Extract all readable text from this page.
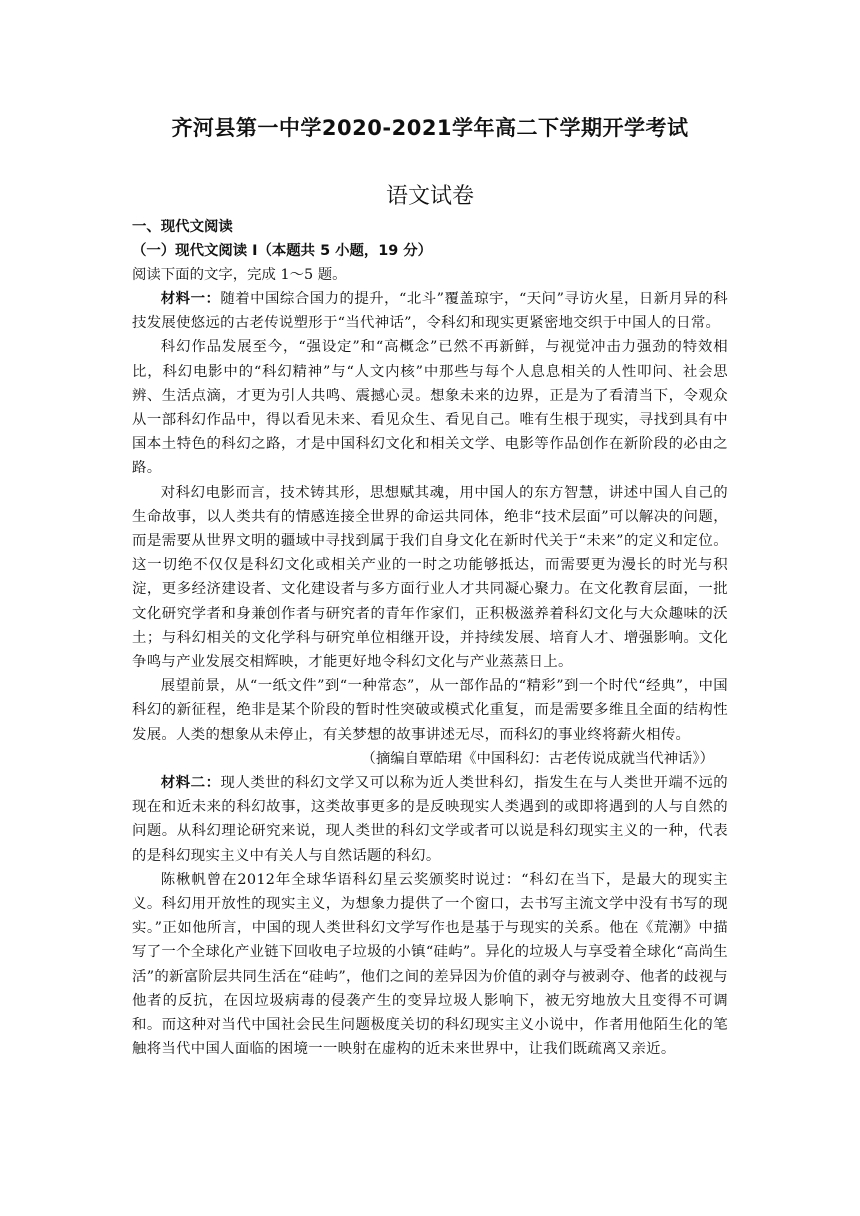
齐河县第一中学2020-2021学年高二下学期开学考试
语文试卷
一、现代文阅读
（一）现代文阅读 I（本题共 5 小题，19 分）
阅读下面的文字，完成 1～5 题。

材料一：随着中国综合国力的提升，“北斗”覆盖琼宇，“天问”寻访火星，日新月异的科技发展使悠远的古老传说塑形于“当代神话”，令科幻和现实更紧密地交织于中国人的日常。

科幻作品发展至今，“强设定”和“高概念”已然不再新鲜，与视觉冲击力强劲的特效相比，科幻电影中的“科幻精神”与“人文内核”中那些与每个人息息相关的人性叩问、社会思辨、生活点滴，才更为引人共鸣、震撼心灵。想象未来的边界，正是为了看清当下，令观众从一部科幻作品中，得以看见未来、看见众生、看见自己。唯有生根于现实，寻找到具有中国本土特色的科幻之路，才是中国科幻文化和相关文学、电影等作品创作在新阶段的必由之路。

对科幻电影而言，技术铸其形，思想赋其魂，用中国人的东方智慧，讲述中国人自己的生命故事，以人类共有的情感连接全世界的命运共同体，绝非“技术层面”可以解决的问题，而是需要从世界文明的疆域中寻找到属于我们自身文化在新时代关于“未来”的定义和定位。这一切绝不仅仅是科幻文化或相关产业的一时之功能够抵达，而需要更为漫长的时光与积淀，更多经济建设者、文化建设者与多方面行业人才共同凝心聚力。在文化教育层面，一批文化研究学者和身兼创作者与研究者的青年作家们，正积极滋养着科幻文化与大众趣味的沃土；与科幻相关的文化学科与研究单位相继开设，并持续发展、培育人才、增强影响。文化争鸣与产业发展交相辉映，才能更好地令科幻文化与产业蒸蒸日上。

展望前景，从“一纸文件”到“一种常态”，从一部作品的“精彩”到一个时代“经典”，中国科幻的新征程，绝非是某个阶段的暂时性突破或模式化重复，而是需要多维且全面的结构性发展。人类的想象从未停止，有关梦想的故事讲述无尽，而科幻的事业终将薪火相传。

（摘编自覃皓珺《中国科幻：古老传说成就当代神话》）

材料二：现人类世的科幻文学又可以称为近人类世科幻，指发生在与人类世开端不远的现在和近未来的科幻故事，这类故事更多的是反映现实人类遇到的或即将遇到的人与自然的问题。从科幻理论研究来说，现人类世的科幻文学或者可以说是科幻现实主义的一种，代表的是科幻现实主义中有关人与自然话题的科幻。

陈楸帆曾在2012年全球华语科幻星云奖颁奖时说过：“科幻在当下，是最大的现实主义。科幻用开放性的现实主义，为想象力提供了一个窗口，去书写主流文学中没有书写的现实。”正如他所言，中国的现人类世科幻文学写作也是基于与现实的关系。他在《荒潮》中描写了一个全球化产业链下回收电子垃圾的小镇“硅屿”。异化的垃圾人与享受着全球化“高尚生活”的新富阶层共同生活在“硅屿”，他们之间的差异因为价值的剥夺与被剥夺、他者的歧视与他者的反抗，在因垃圾病毒的侵袭产生的变异垃圾人影响下，被无穷地放大且变得不可调和。而这种对当代中国社会民生问题极度关切的科幻现实主义小说中，作者用他陌生化的笔触将当代中国人面临的困境一一映射在虚构的近未来世界中，让我们既疏离又亲近。
